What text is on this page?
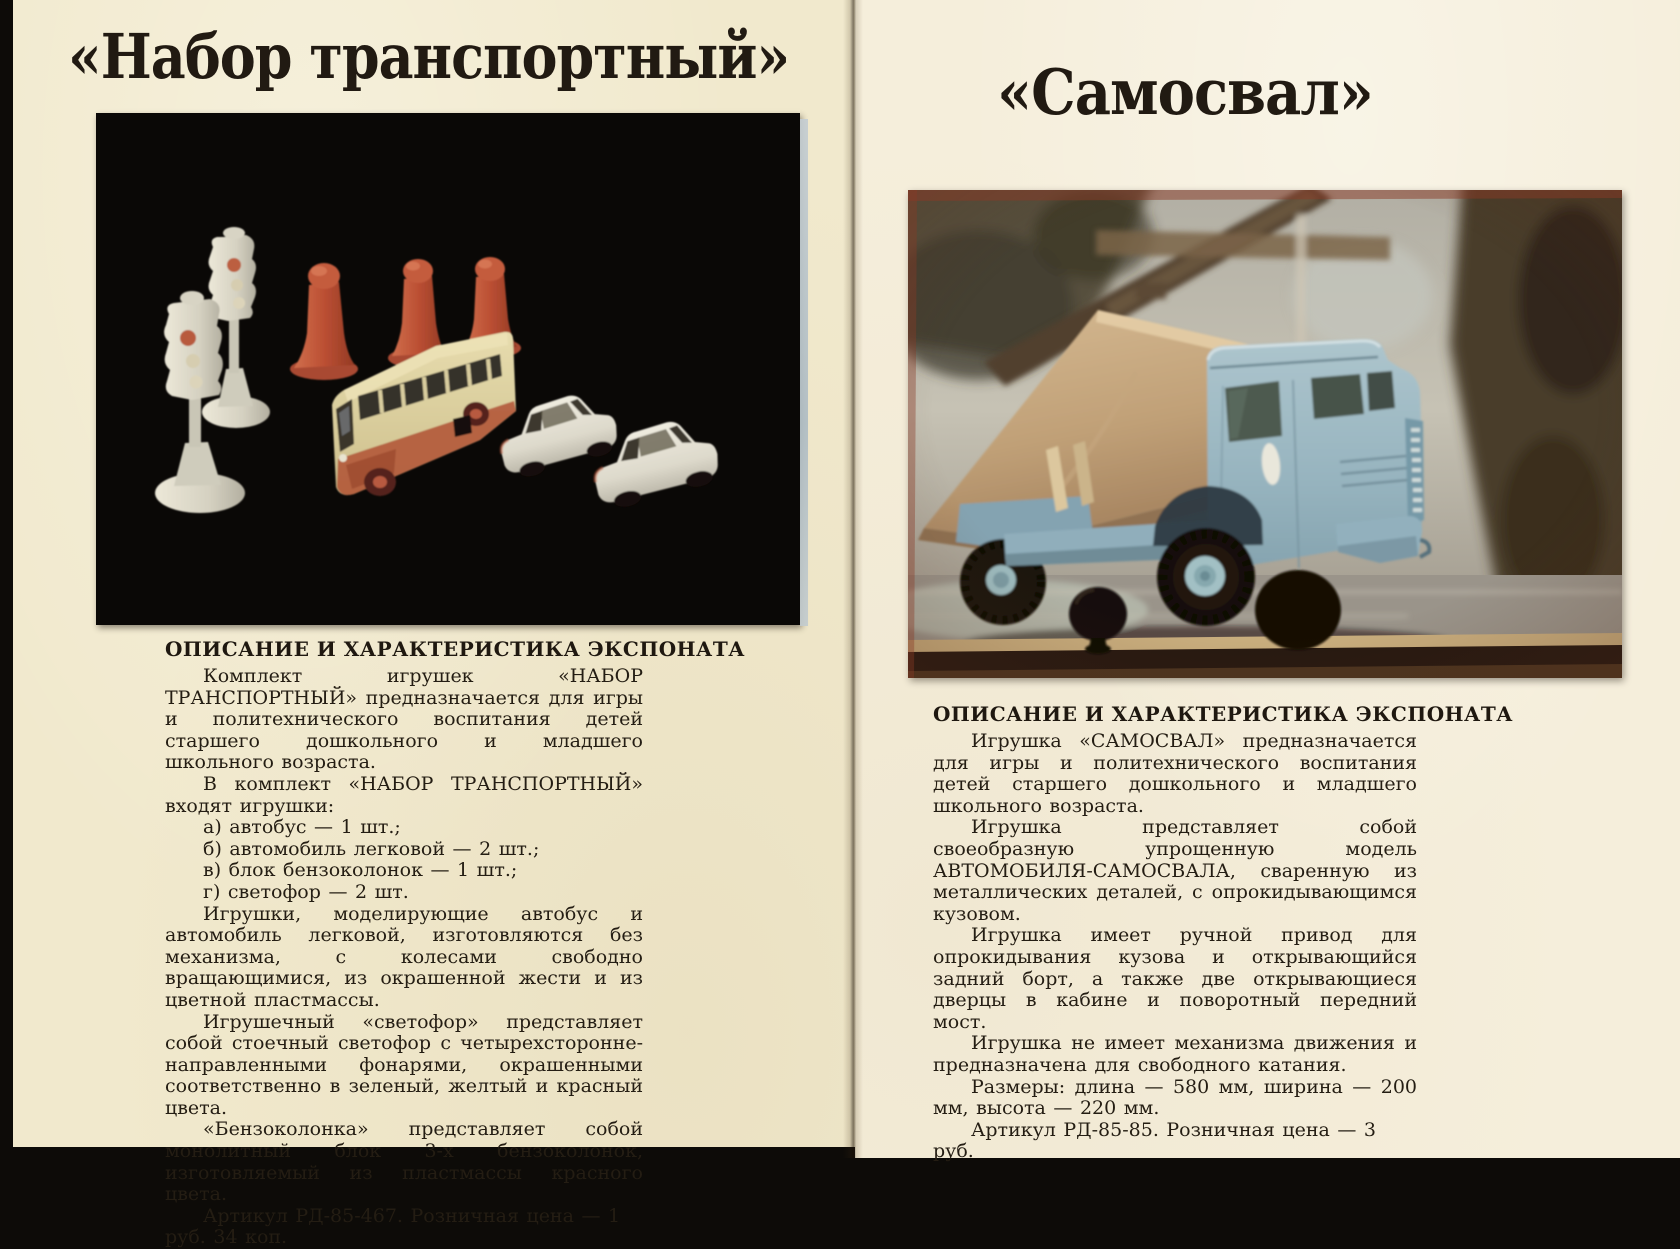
«Набор транспортный»
ОПИСАНИЕ И ХАРАКТЕРИСТИКА ЭКСПОНАТА

Комплект игрушек «НАБОР ТРАНСПОРТНЫЙ» предназначается для игры и политехнического воспитания детей старшего дошкольного и младшего школьного возраста.

В комплект «НАБОР ТРАНСПОРТНЫЙ» входят игрушки:

а) автобус — 1 шт.;

б) автомобиль легковой — 2 шт.;

в) блок бензоколонок — 1 шт.;

г) светофор — 2 шт.

Игрушки, моделирующие автобус и автомобиль легковой, изготовляются без механизма, с колесами свободно вращающимися, из окрашенной жести и из цветной пластмассы.

Игрушечный «светофор» представляет собой стоечный светофор с четырехсторонне-направленными фонарями, окрашенными соответственно в зеленый, желтый и красный цвета.

«Бензоколонка» представляет собой монолитный блок 3-х бензоколонок, изготовляемый из пластмассы красного цвета.

Артикул РД-85-467. Розничная цена — 1 руб. 34 коп.

«Самосвал»
ОПИСАНИЕ И ХАРАКТЕРИСТИКА ЭКСПОНАТА

Игрушка «САМОСВАЛ» предназначается для игры и политехнического воспитания детей старшего дошкольного и младшего школьного возраста.

Игрушка представляет собой своеобразную упрощенную модель АВТОМОБИЛЯ-САМОСВАЛА, сваренную из металлических деталей, с опрокидывающимся кузовом.

Игрушка имеет ручной привод для опрокидывания кузова и открывающийся задний борт, а также две открывающиеся дверцы в кабине и поворотный передний мост.

Игрушка не имеет механизма движения и предназначена для свободного катания.

Размеры: длина — 580 мм, ширина — 200 мм, высота — 220 мм.

Артикул РД-85-85. Розничная цена — 3 руб.
